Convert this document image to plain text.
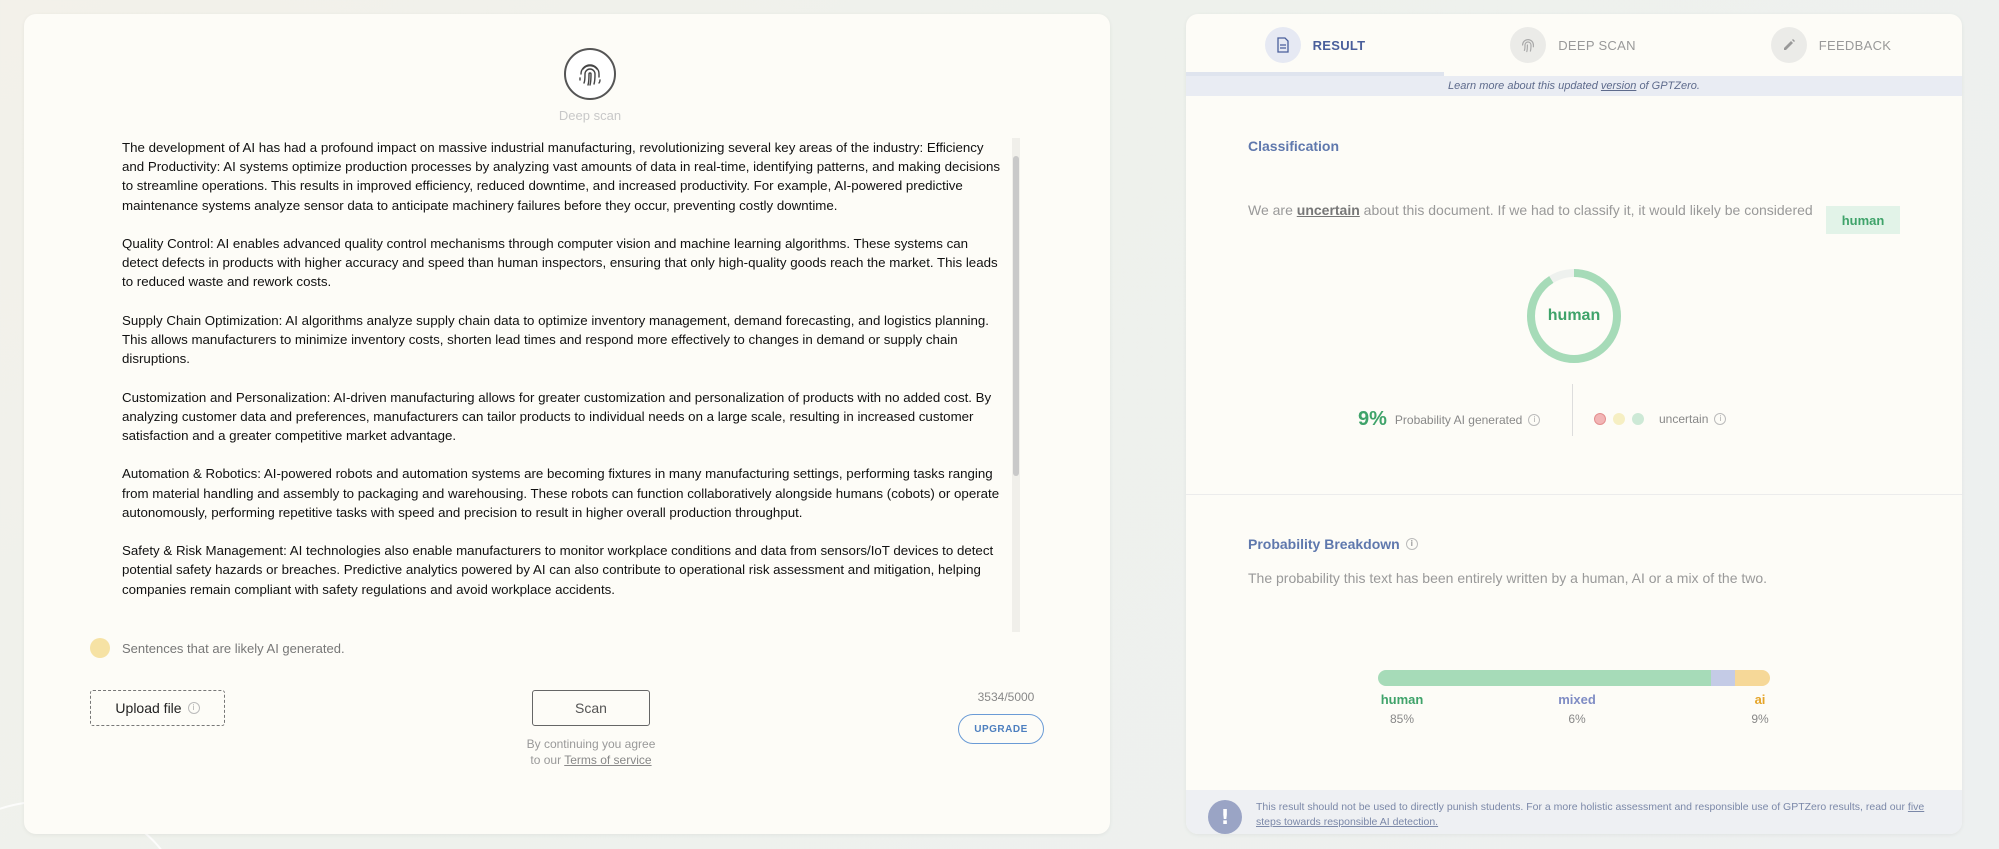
Deep scan

The development of AI has had a profound impact on massive industrial manufacturing, revolutionizing several key areas of the industry: Efficiency and Productivity: AI systems optimize production processes by analyzing vast amounts of data in real-time, identifying patterns, and making decisions to streamline operations. This results in improved efficiency, reduced downtime, and increased productivity. For example, AI-powered predictive maintenance systems analyze sensor data to anticipate machinery failures before they occur, preventing costly downtime.

Quality Control: AI enables advanced quality control mechanisms through computer vision and machine learning algorithms. These systems can detect defects in products with higher accuracy and speed than human inspectors, ensuring that only high-quality goods reach the market. This leads to reduced waste and rework costs.

Supply Chain Optimization: AI algorithms analyze supply chain data to optimize inventory management, demand forecasting, and logistics planning. This allows manufacturers to minimize inventory costs, shorten lead times and respond more effectively to changes in demand or supply chain disruptions.

Customization and Personalization: AI-driven manufacturing allows for greater customization and personalization of products with no added cost. By analyzing customer data and preferences, manufacturers can tailor products to individual needs on a large scale, resulting in increased customer satisfaction and a greater competitive market advantage.

Automation & Robotics: AI-powered robots and automation systems are becoming fixtures in many manufacturing settings, performing tasks ranging from material handling and assembly to packaging and warehousing. These robots can function collaboratively alongside humans (cobots) or operate autonomously, performing repetitive tasks with speed and precision to result in higher overall production throughput.

Safety & Risk Management: AI technologies also enable manufacturers to monitor workplace conditions and data from sensors/IoT devices to detect potential safety hazards or breaches. Predictive analytics powered by AI can also contribute to operational risk assessment and mitigation, helping companies remain compliant with safety regulations and avoid workplace accidents.

Sentences that are likely AI generated.
Upload file	i	Scan
By continuing you agree
to our Terms of service
3534/5000
UPGRADE
RESULT	DEEP SCAN	FEEDBACK
Learn more about this updated version of GPTZero.
Classification
We are uncertain about this document. If we had to classify it, it would likely be considered
human
human
9% Probability AI generated	i	uncertain	i
Probability Breakdown	i
The probability this text has been entirely written by a human, AI or a mix of the two.
human
85%
mixed
6%
ai
9%
!	This result should not be used to directly punish students. For a more holistic assessment and responsible use of GPTZero results, read our five steps towards responsible AI detection.
